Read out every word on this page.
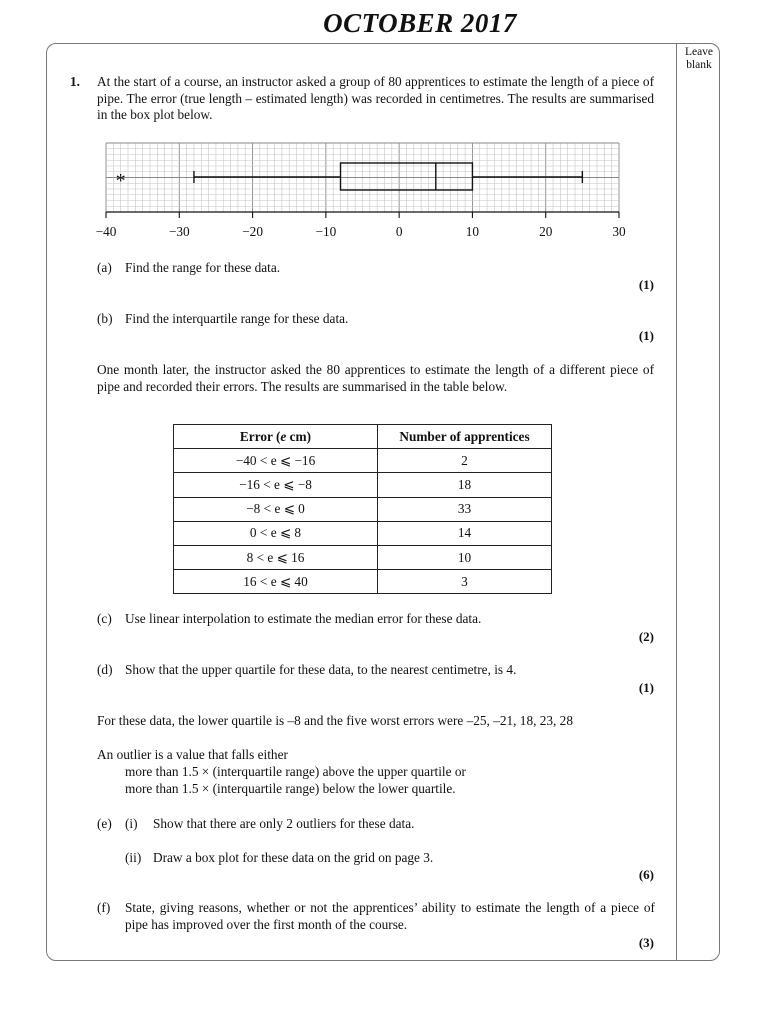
OCTOBER 2017
Leave blank
1. At the start of a course, an instructor asked a group of 80 apprentices to estimate the length of a piece of pipe. The error (true length – estimated length) was recorded in centimetres. The results are summarised in the box plot below.
−40	−30	−20	−10	0	10	20	30
*
(a) Find the range for these data.
(1)
(b) Find the interquartile range for these data.
(1)
One month later, the instructor asked the 80 apprentices to estimate the length of a different piece of pipe and recorded their errors. The results are summarised in the table below.
Error (e cm)	Number of apprentices
−40 < e ⩽ −16	2
−16 < e ⩽ −8	18
−8 < e ⩽ 0	33
0 < e ⩽ 8	14
8 < e ⩽ 16	10
16 < e ⩽ 40	3
(c) Use linear interpolation to estimate the median error for these data.
(2)
(d) Show that the upper quartile for these data, to the nearest centimetre, is 4.
(1)
For these data, the lower quartile is –8 and the five worst errors were –25, –21, 18, 23, 28
An outlier is a value that falls either
more than 1.5 × (interquartile range) above the upper quartile or
more than 1.5 × (interquartile range) below the lower quartile.
(e) (i) Show that there are only 2 outliers for these data.
(ii) Draw a box plot for these data on the grid on page 3.
(6)
(f) State, giving reasons, whether or not the apprentices’ ability to estimate the length of a piece of pipe has improved over the first month of the course.
(3)
